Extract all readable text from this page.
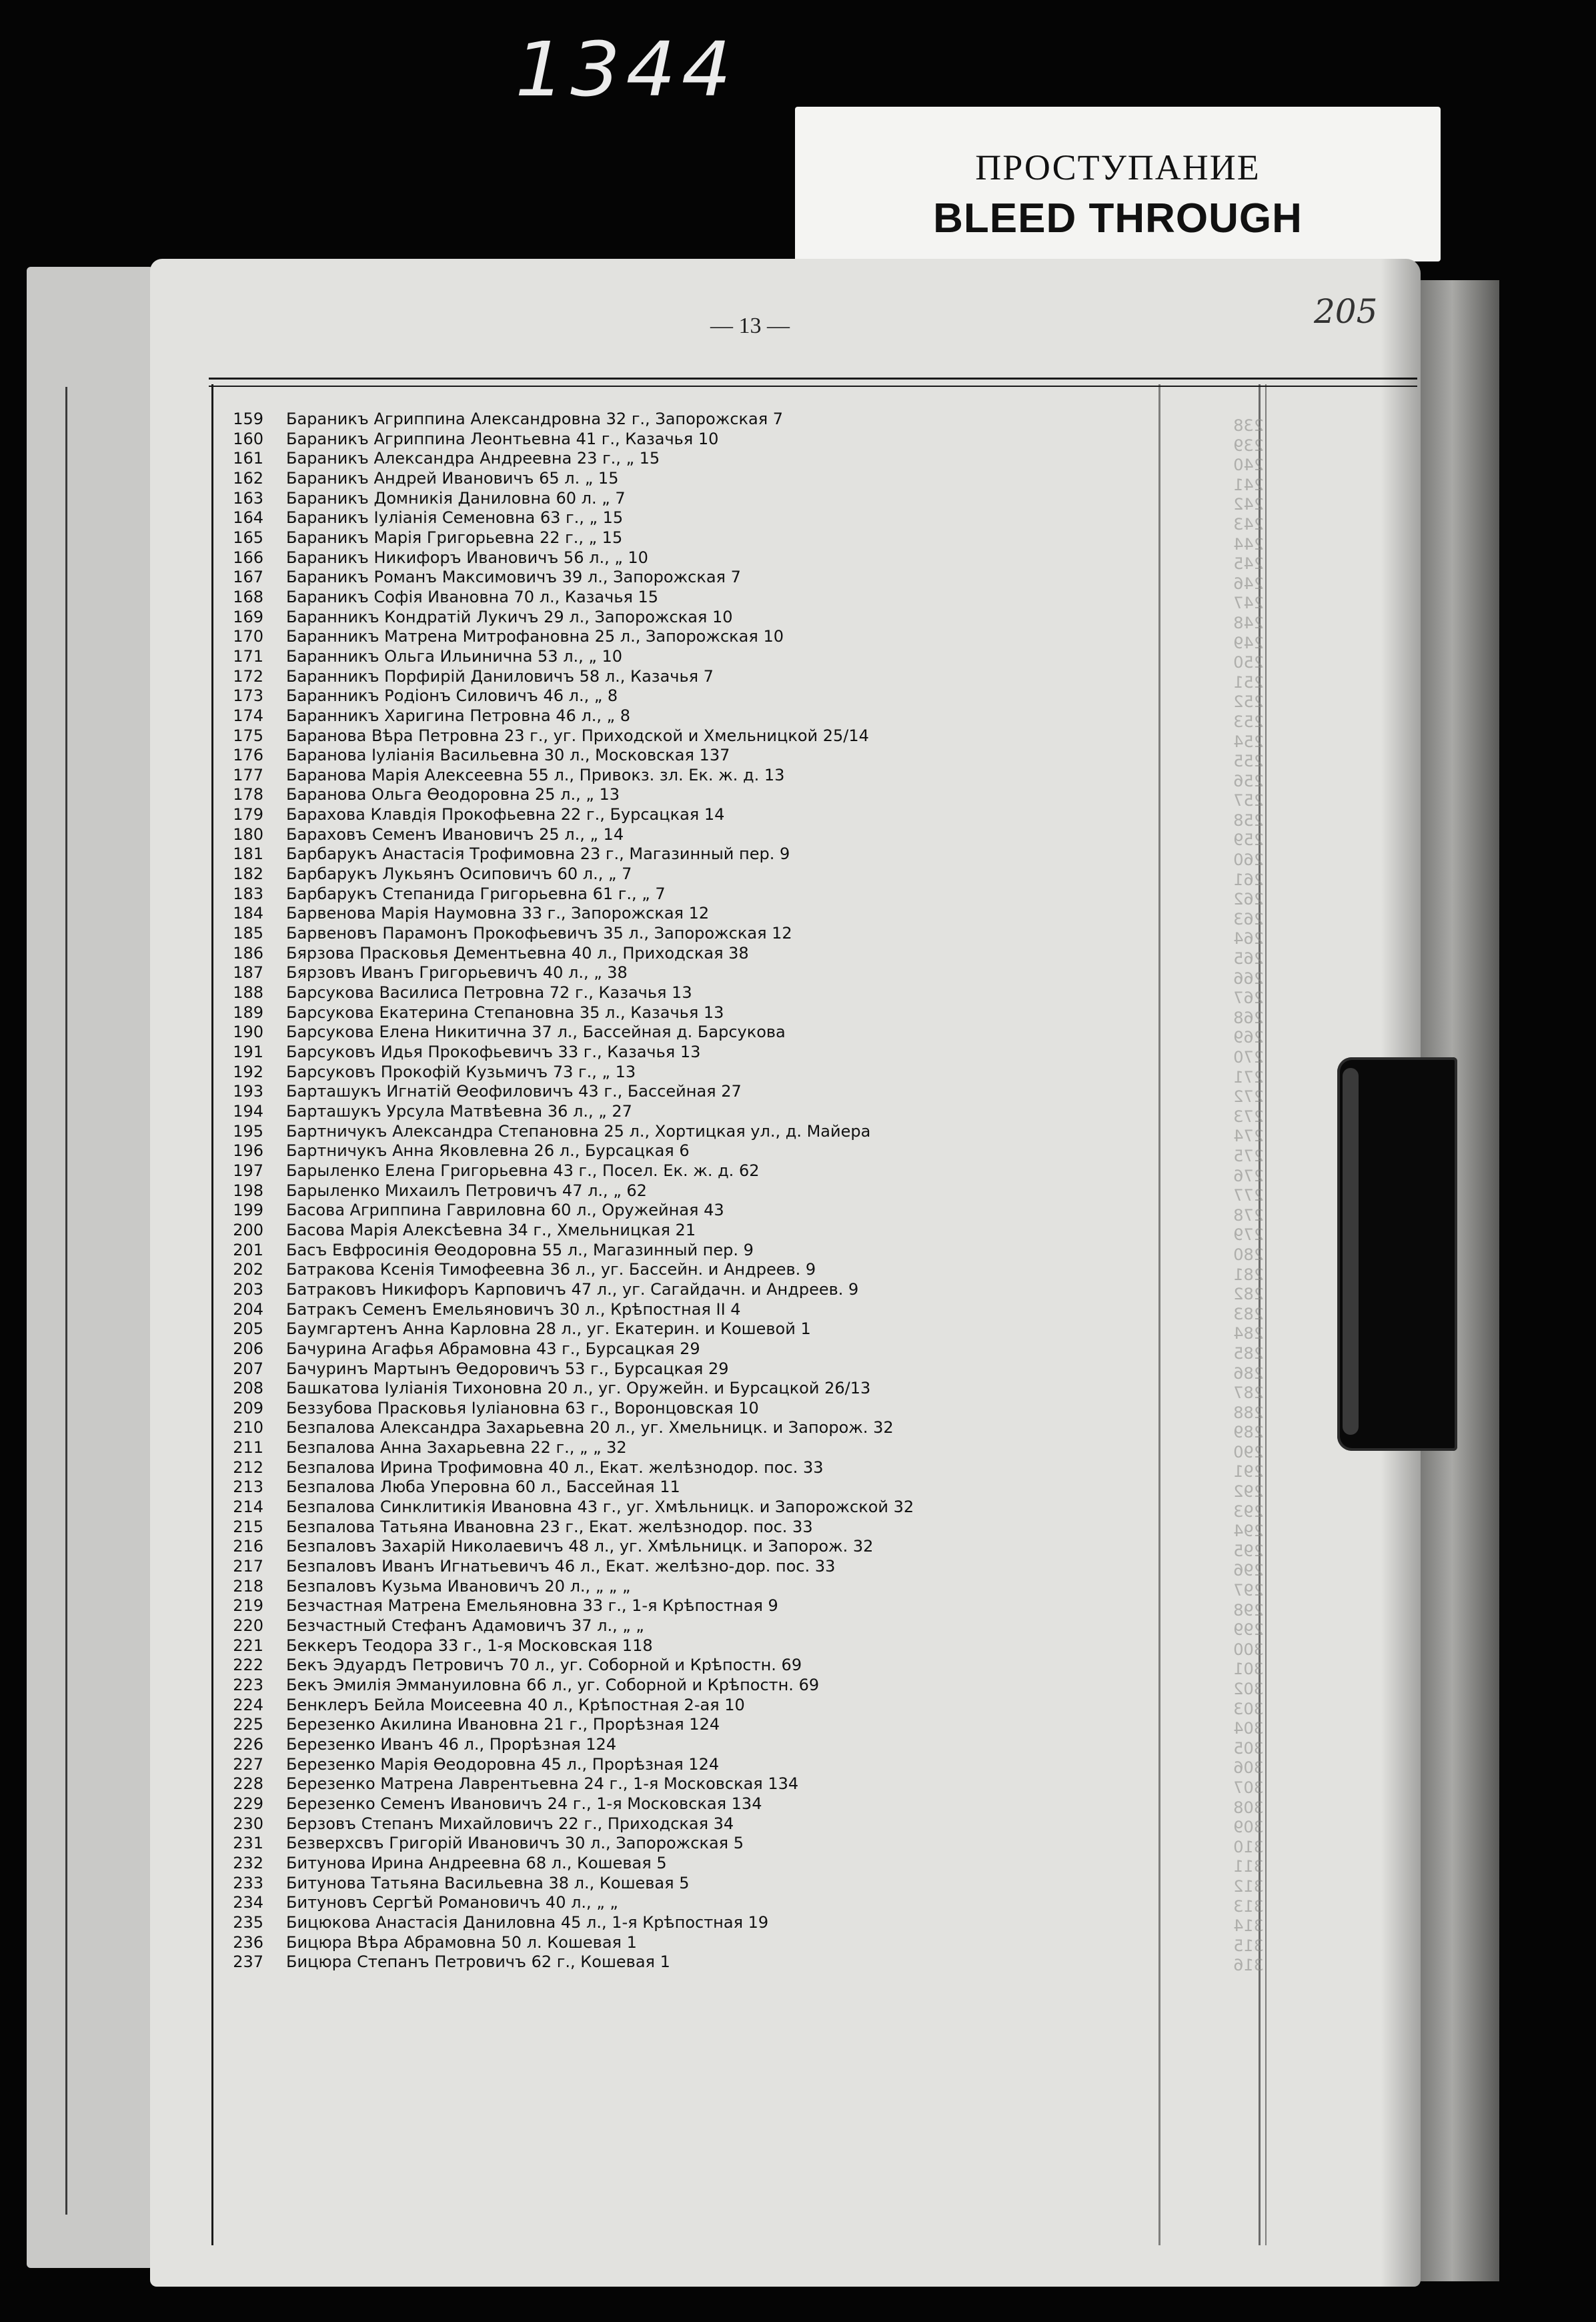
1344
ПРОСТУПАНИЕ
BLEED THROUGH
— 13 —	205
238
239
240
241
242
243
244
245
246
247
248
249
250
251
252
253
254
255
256
257
258
259
260
261
262
263
264
265
266
267
268
269
270
271
272
273
274
275
276
277
278
279
280
281
282
283
284
285
286
287
288
289
290
291
292
293
294
295
296
297
298
299
300
301
302
303
304
305
306
307
308
309
310
311
312
313
314
315
316
159 Бараникъ Агриппина Александровна 32 г., Запорожская 7
160 Бараникъ Агриппина Леонтьевна 41 г., Казачья 10
161 Бараникъ Александра Андреевна 23 г., „ 15
162 Бараникъ Андрей Ивановичъ 65 л. „ 15
163 Бараникъ Домникія Даниловна 60 л. „ 7
164 Бараникъ Іуліанія Семеновна 63 г., „ 15
165 Бараникъ Марія Григорьевна 22 г., „ 15
166 Бараникъ Никифоръ Ивановичъ 56 л., „ 10
167 Бараникъ Романъ Максимовичъ 39 л., Запорожская 7
168 Бараникъ Софія Ивановна 70 л., Казачья 15
169 Баранникъ Кондратій Лукичъ 29 л., Запорожская 10
170 Баранникъ Матрена Митрофановна 25 л., Запорожская 10
171 Баранникъ Ольга Ильинична 53 л., „ 10
172 Баранникъ Порфирій Даниловичъ 58 л., Казачья 7
173 Баранникъ Родіонъ Силовичъ 46 л., „ 8
174 Баранникъ Харигина Петровна 46 л., „ 8
175 Баранова Вѣра Петровна 23 г., уг. Приходской и Хмельницкой 25/14
176 Баранова Іуліанія Васильевна 30 л., Московская 137
177 Баранова Марія Алексеевна 55 л., Привокз. зл. Ек. ж. д. 13
178 Баранова Ольга Ѳеодоровна 25 л., „ 13
179 Барахова Клавдія Прокофьевна 22 г., Бурсацкая 14
180 Бараховъ Семенъ Ивановичъ 25 л., „ 14
181 Барбарукъ Анастасія Трофимовна 23 г., Магазинный пер. 9
182 Барбарукъ Лукьянъ Осиповичъ 60 л., „ 7
183 Барбарукъ Степанида Григорьевна 61 г., „ 7
184 Барвенова Марія Наумовна 33 г., Запорожская 12
185 Барвеновъ Парамонъ Прокофьевичъ 35 л., Запорожская 12
186 Бярзова Прасковья Дементьевна 40 л., Приходская 38
187 Бярзовъ Иванъ Григорьевичъ 40 л., „ 38
188 Барсукова Василиса Петровна 72 г., Казачья 13
189 Барсукова Екатерина Степановна 35 л., Казачья 13
190 Барсукова Елена Никитична 37 л., Бассейная д. Барсукова
191 Барсуковъ Идья Прокофьевичъ 33 г., Казачья 13
192 Барсуковъ Прокофій Кузьмичъ 73 г., „ 13
193 Барташукъ Игнатій Ѳеофиловичъ 43 г., Бассейная 27
194 Барташукъ Урсула Матвѣевна 36 л., „ 27
195 Бартничукъ Александра Степановна 25 л., Хортицкая ул., д. Майера
196 Бартничукъ Анна Яковлевна 26 л., Бурсацкая 6
197 Барыленко Елена Григорьевна 43 г., Посел. Ек. ж. д. 62
198 Барыленко Михаилъ Петровичъ 47 л., „ 62
199 Басова Агриппина Гавриловна 60 л., Оружейная 43
200 Басова Марія Алексѣевна 34 г., Хмельницкая 21
201 Басъ Евфросинія Ѳеодоровна 55 л., Магазинный пер. 9
202 Батракова Ксенія Тимофеевна 36 л., уг. Бассейн. и Андреев. 9
203 Батраковъ Никифоръ Карповичъ 47 л., уг. Сагайдачн. и Андреев. 9
204 Батракъ Семенъ Емельяновичъ 30 л., Крѣпостная II 4
205 Баумгартенъ Анна Карловна 28 л., уг. Екатерин. и Кошевой 1
206 Бачурина Агафья Абрамовна 43 г., Бурсацкая 29
207 Бачуринъ Мартынъ Ѳедоровичъ 53 г., Бурсацкая 29
208 Башкатова Іуліанія Тихоновна 20 л., уг. Оружейн. и Бурсацкой 26/13
209 Беззубова Прасковья Іуліановна 63 г., Воронцовская 10
210 Безпалова Александра Захарьевна 20 л., уг. Хмельницк. и Запорож. 32
211 Безпалова Анна Захарьевна 22 г., „ „ 32
212 Безпалова Ирина Трофимовна 40 л., Екат. желѣзнодор. пос. 33
213 Безпалова Люба Уперовна 60 л., Бассейная 11
214 Безпалова Синклитикія Ивановна 43 г., уг. Хмѣльницк. и Запорожской 32
215 Безпалова Татьяна Ивановна 23 г., Екат. желѣзнодор. пос. 33
216 Безпаловъ Захарій Николаевичъ 48 л., уг. Хмѣльницк. и Запорож. 32
217 Безпаловъ Иванъ Игнатьевичъ 46 л., Екат. желѣзно-дор. пос. 33
218 Безпаловъ Кузьма Ивановичъ 20 л., „ „ „
219 Безчастная Матрена Емельяновна 33 г., 1-я Крѣпостная 9
220 Безчастный Стефанъ Адамовичъ 37 л., „ „
221 Беккеръ Теодора 33 г., 1-я Московская 118
222 Бекъ Эдуардъ Петровичъ 70 л., уг. Соборной и Крѣпостн. 69
223 Бекъ Эмилія Эммануиловна 66 л., уг. Соборной и Крѣпостн. 69
224 Бенклеръ Бейла Моисеевна 40 л., Крѣпостная 2-ая 10
225 Березенко Акилина Ивановна 21 г., Прорѣзная 124
226 Березенко Иванъ 46 л., Прорѣзная 124
227 Березенко Марія Ѳеодоровна 45 л., Прорѣзная 124
228 Березенко Матрена Лаврентьевна 24 г., 1-я Московская 134
229 Березенко Семенъ Ивановичъ 24 г., 1-я Московская 134
230 Берзовъ Степанъ Михайловичъ 22 г., Приходская 34
231 Безверхсвъ Григорій Ивановичъ 30 л., Запорожская 5
232 Битунова Ирина Андреевна 68 л., Кошевая 5
233 Битунова Татьяна Васильевна 38 л., Кошевая 5
234 Битуновъ Сергѣй Романовичъ 40 л., „ „
235 Бицюкова Анастасія Даниловна 45 л., 1-я Крѣпостная 19
236 Бицюра Вѣра Абрамовна 50 л. Кошевая 1
237 Бицюра Степанъ Петровичъ 62 г., Кошевая 1
